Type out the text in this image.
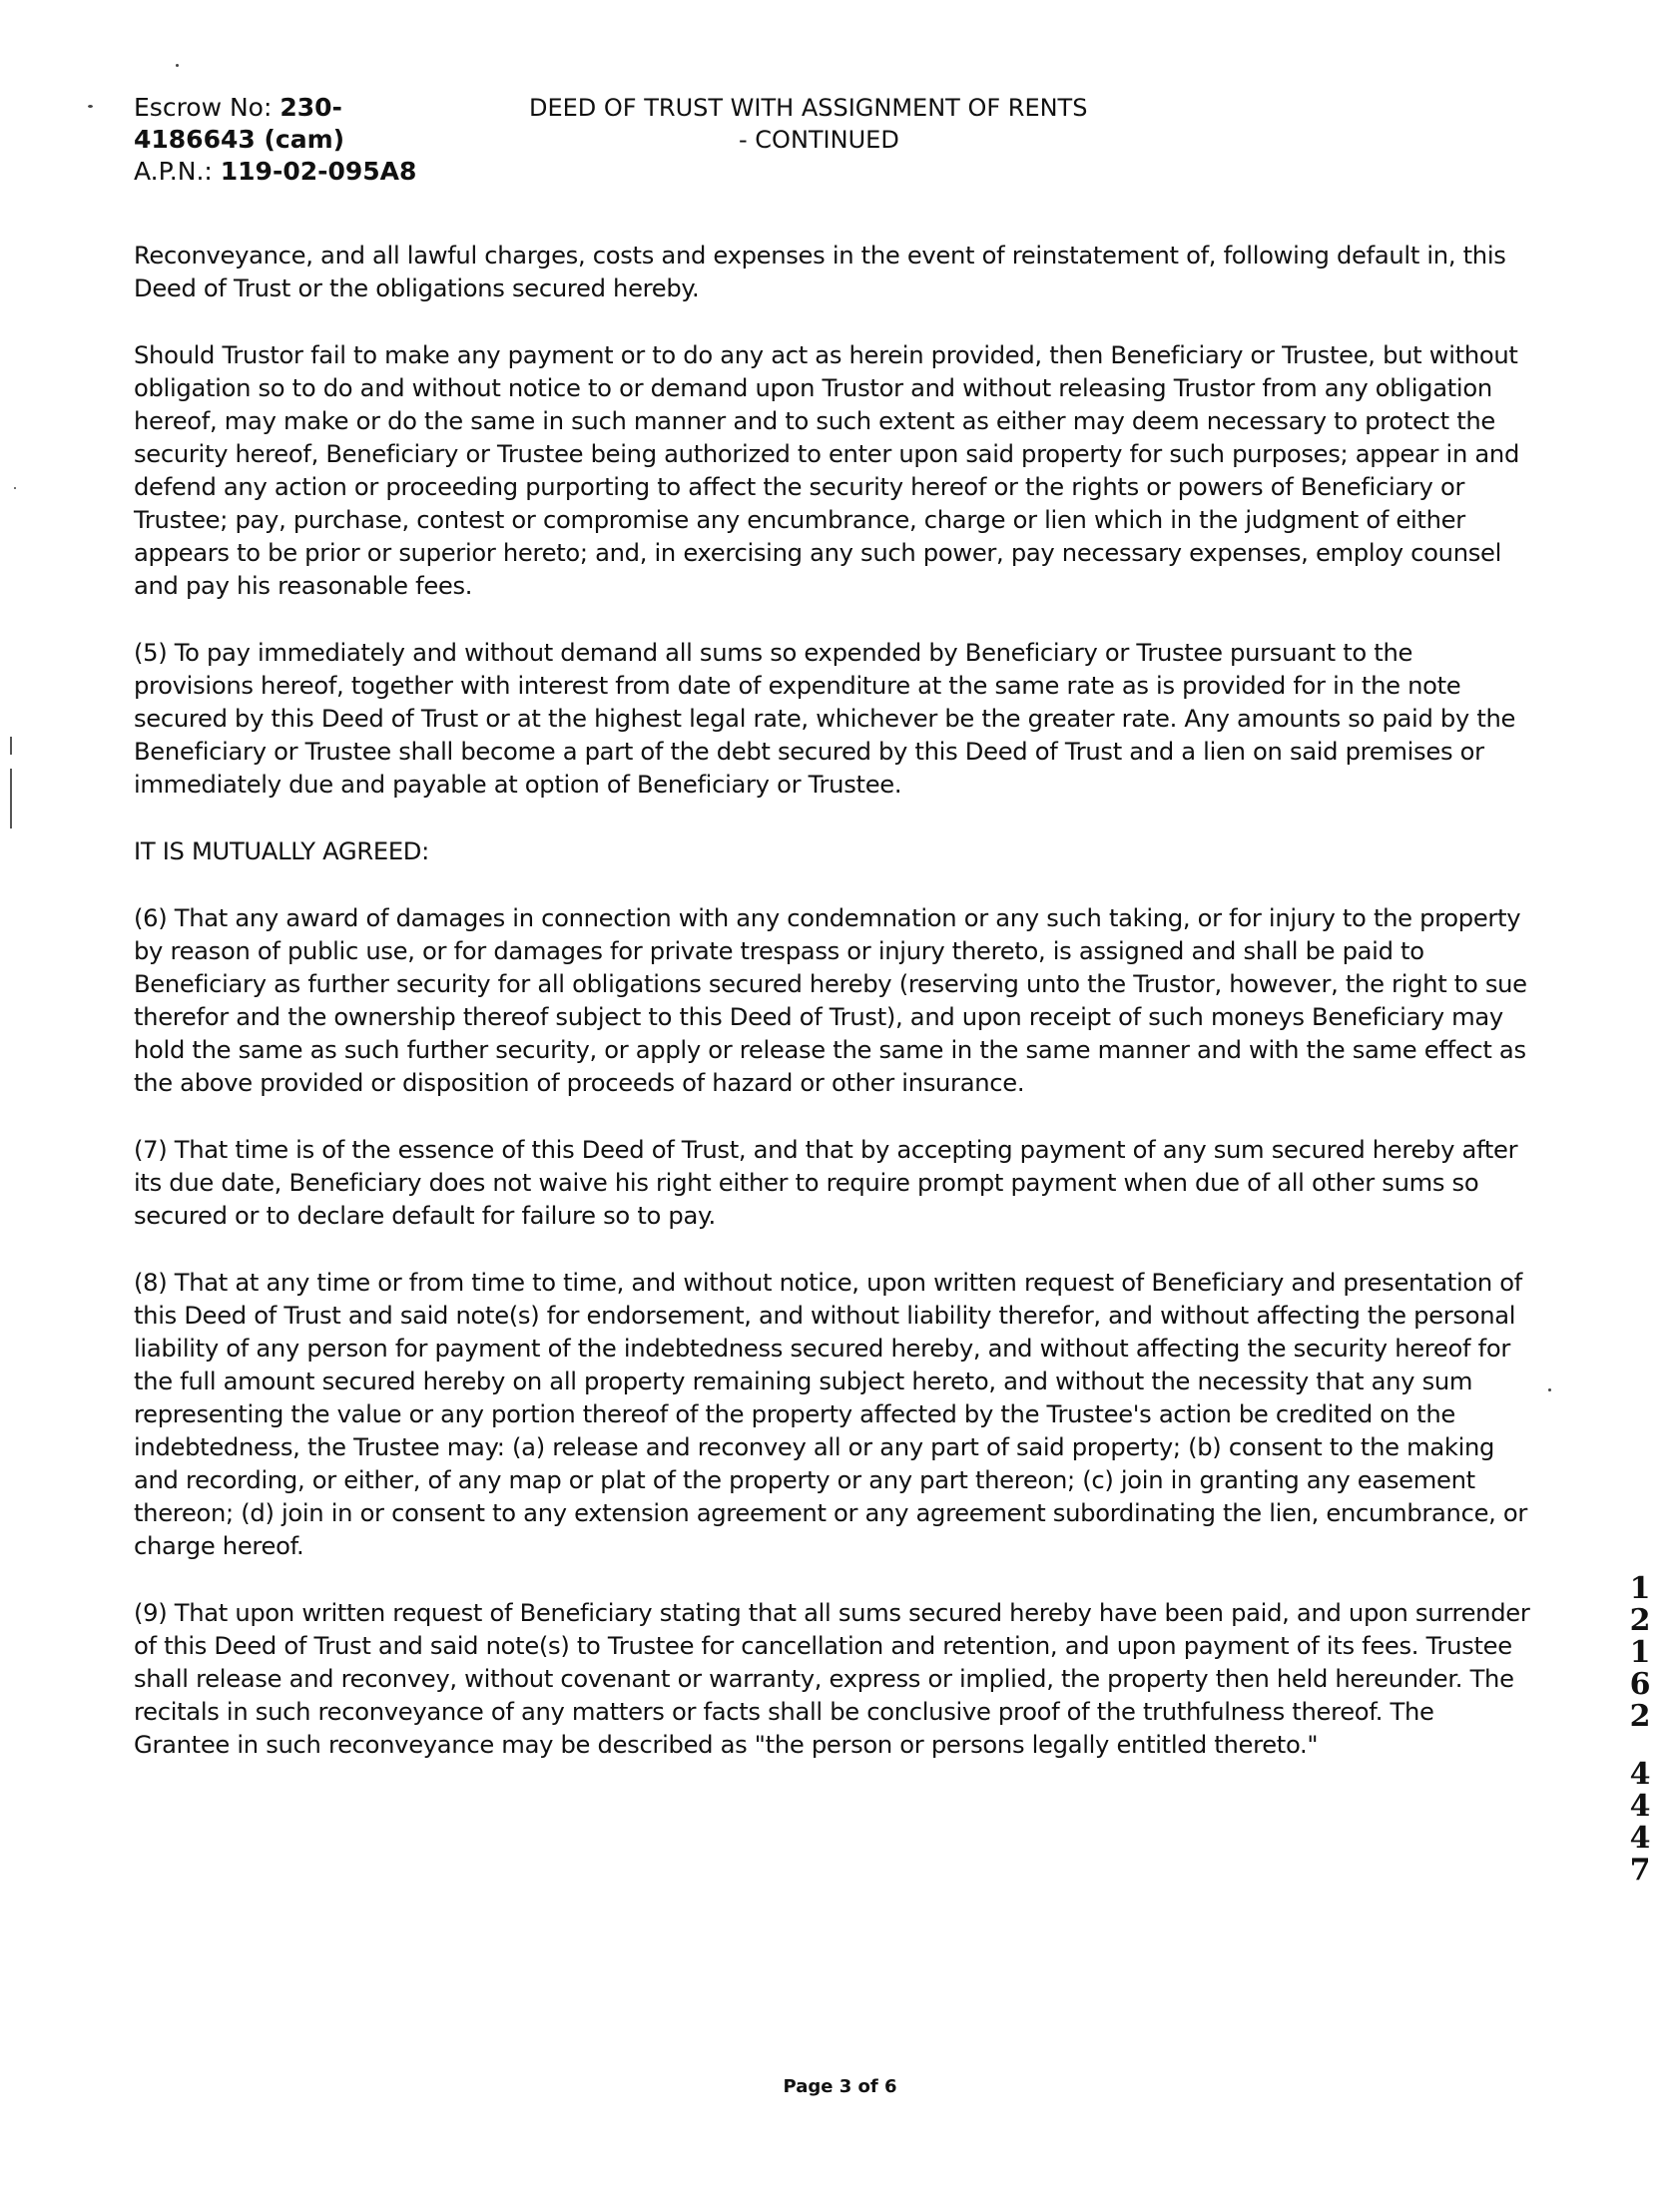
Escrow No: 230-
4186643 (cam)
A.P.N.: 119-02-095A8
DEED OF TRUST WITH ASSIGNMENT OF RENTS
- CONTINUED

Reconveyance, and all lawful charges, costs and expenses in the event of reinstatement of, following default in, this Deed of Trust or the obligations secured hereby.

Should Trustor fail to make any payment or to do any act as herein provided, then Beneficiary or Trustee, but without obligation so to do and without notice to or demand upon Trustor and without releasing Trustor from any obligation hereof, may make or do the same in such manner and to such extent as either may deem necessary to protect the security hereof, Beneficiary or Trustee being authorized to enter upon said property for such purposes; appear in and defend any action or proceeding purporting to affect the security hereof or the rights or powers of Beneficiary or Trustee; pay, purchase, contest or compromise any encumbrance, charge or lien which in the judgment of either appears to be prior or superior hereto; and, in exercising any such power, pay necessary expenses, employ counsel and pay his reasonable fees.

(5) To pay immediately and without demand all sums so expended by Beneficiary or Trustee pursuant to the provisions hereof, together with interest from date of expenditure at the same rate as is provided for in the note secured by this Deed of Trust or at the highest legal rate, whichever be the greater rate. Any amounts so paid by the Beneficiary or Trustee shall become a part of the debt secured by this Deed of Trust and a lien on said premises or immediately due and payable at option of Beneficiary or Trustee.

IT IS MUTUALLY AGREED:

(6) That any award of damages in connection with any condemnation or any such taking, or for injury to the property by reason of public use, or for damages for private trespass or injury thereto, is assigned and shall be paid to Beneficiary as further security for all obligations secured hereby (reserving unto the Trustor, however, the right to sue therefor and the ownership thereof subject to this Deed of Trust), and upon receipt of such moneys Beneficiary may hold the same as such further security, or apply or release the same in the same manner and with the same effect as the above provided or disposition of proceeds of hazard or other insurance.

(7) That time is of the essence of this Deed of Trust, and that by accepting payment of any sum secured hereby after its due date, Beneficiary does not waive his right either to require prompt payment when due of all other sums so secured or to declare default for failure so to pay.

(8) That at any time or from time to time, and without notice, upon written request of Beneficiary and presentation of this Deed of Trust and said note(s) for endorsement, and without liability therefor, and without affecting the personal liability of any person for payment of the indebtedness secured hereby, and without affecting the security hereof for the full amount secured hereby on all property remaining subject hereto, and without the necessity that any sum representing the value or any portion thereof of the property affected by the Trustee's action be credited on the indebtedness, the Trustee may: (a) release and reconvey all or any part of said property; (b) consent to the making and recording, or either, of any map or plat of the property or any part thereon; (c) join in granting any easement thereon; (d) join in or consent to any extension agreement or any agreement subordinating the lien, encumbrance, or charge hereof.

(9) That upon written request of Beneficiary stating that all sums secured hereby have been paid, and upon surrender of this Deed of Trust and said note(s) to Trustee for cancellation and retention, and upon payment of its fees. Trustee shall release and reconvey, without covenant or warranty, express or implied, the property then held hereunder. The recitals in such reconveyance of any matters or facts shall be conclusive proof of the truthfulness thereof. The Grantee in such reconveyance may be described as "the person or persons legally entitled thereto."

1
2
1
6
2
4
4
4
7
Page 3 of 6
